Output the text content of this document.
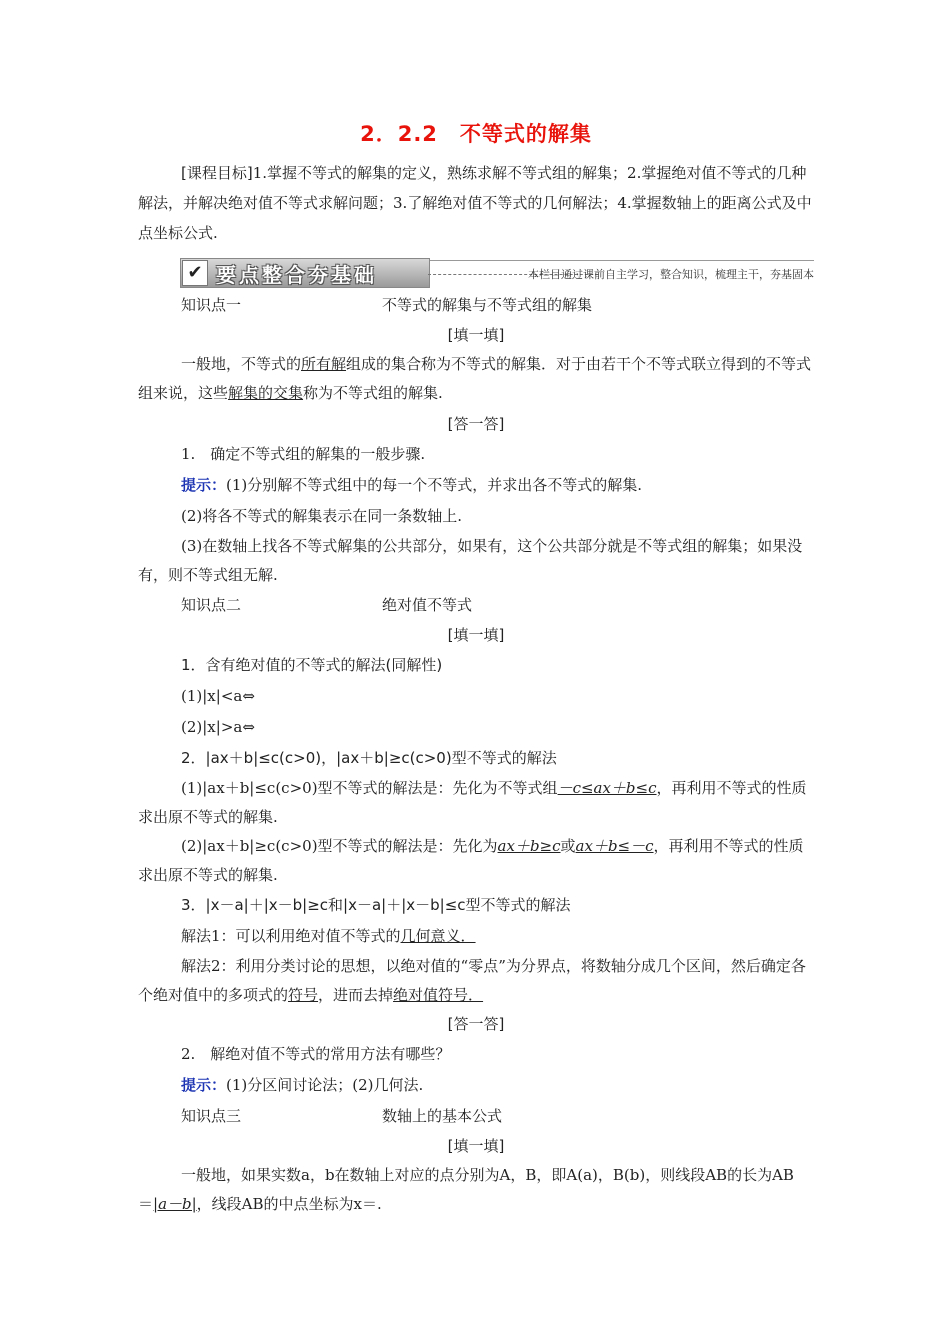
2．2.2　不等式的解集

[课程目标]1.掌握不等式的解集的定义，熟练求解不等式组的解集；2.掌握绝对值不等式的几种解法，并解决绝对值不等式求解问题；3.了解绝对值不等式的几何解法；4.掌握数轴上的距离公式及中点坐标公式.

✔ 要点整合夯基础	本栏目通过课前自主学习，整合知识，梳理主干，夯基固本
知识点一	不等式的解集与不等式组的解集
[填一填]

一般地，不等式的所有解组成的集合称为不等式的解集．对于由若干个不等式联立得到的不等式组来说，这些解集的交集称为不等式组的解集.

[答一答]

1.　确定不等式组的解集的一般步骤.

提示：(1)分别解不等式组中的每一个不等式，并求出各不等式的解集.

(2)将各不等式的解集表示在同一条数轴上.

(3)在数轴上找各不等式解集的公共部分，如果有，这个公共部分就是不等式组的解集；如果没有，则不等式组无解.

知识点二	绝对值不等式
[填一填]

1．含有绝对值的不等式的解法(同解性)

(1)|x|<a⇔

(2)|x|>a⇔

2．|ax＋b|≤c(c>0)，|ax＋b|≥c(c>0)型不等式的解法

(1)|ax＋b|≤c(c>0)型不等式的解法是：先化为不等式组－c≤ax＋b≤c，再利用不等式的性质求出原不等式的解集.

(2)|ax＋b|≥c(c>0)型不等式的解法是：先化为ax＋b≥c或ax＋b≤－c，再利用不等式的性质求出原不等式的解集.

3．|x－a|＋|x－b|≥c和|x－a|＋|x－b|≤c型不等式的解法

解法1：可以利用绝对值不等式的几何意义．

解法2：利用分类讨论的思想，以绝对值的“零点”为分界点，将数轴分成几个区间，然后确定各个绝对值中的多项式的符号，进而去掉绝对值符号．

[答一答]

2.　解绝对值不等式的常用方法有哪些？

提示：(1)分区间讨论法；(2)几何法.

知识点三	数轴上的基本公式
[填一填]

一般地，如果实数a，b在数轴上对应的点分别为A，B，即A(a)，B(b)，则线段AB的长为AB＝|a－b|，线段AB的中点坐标为x＝.
